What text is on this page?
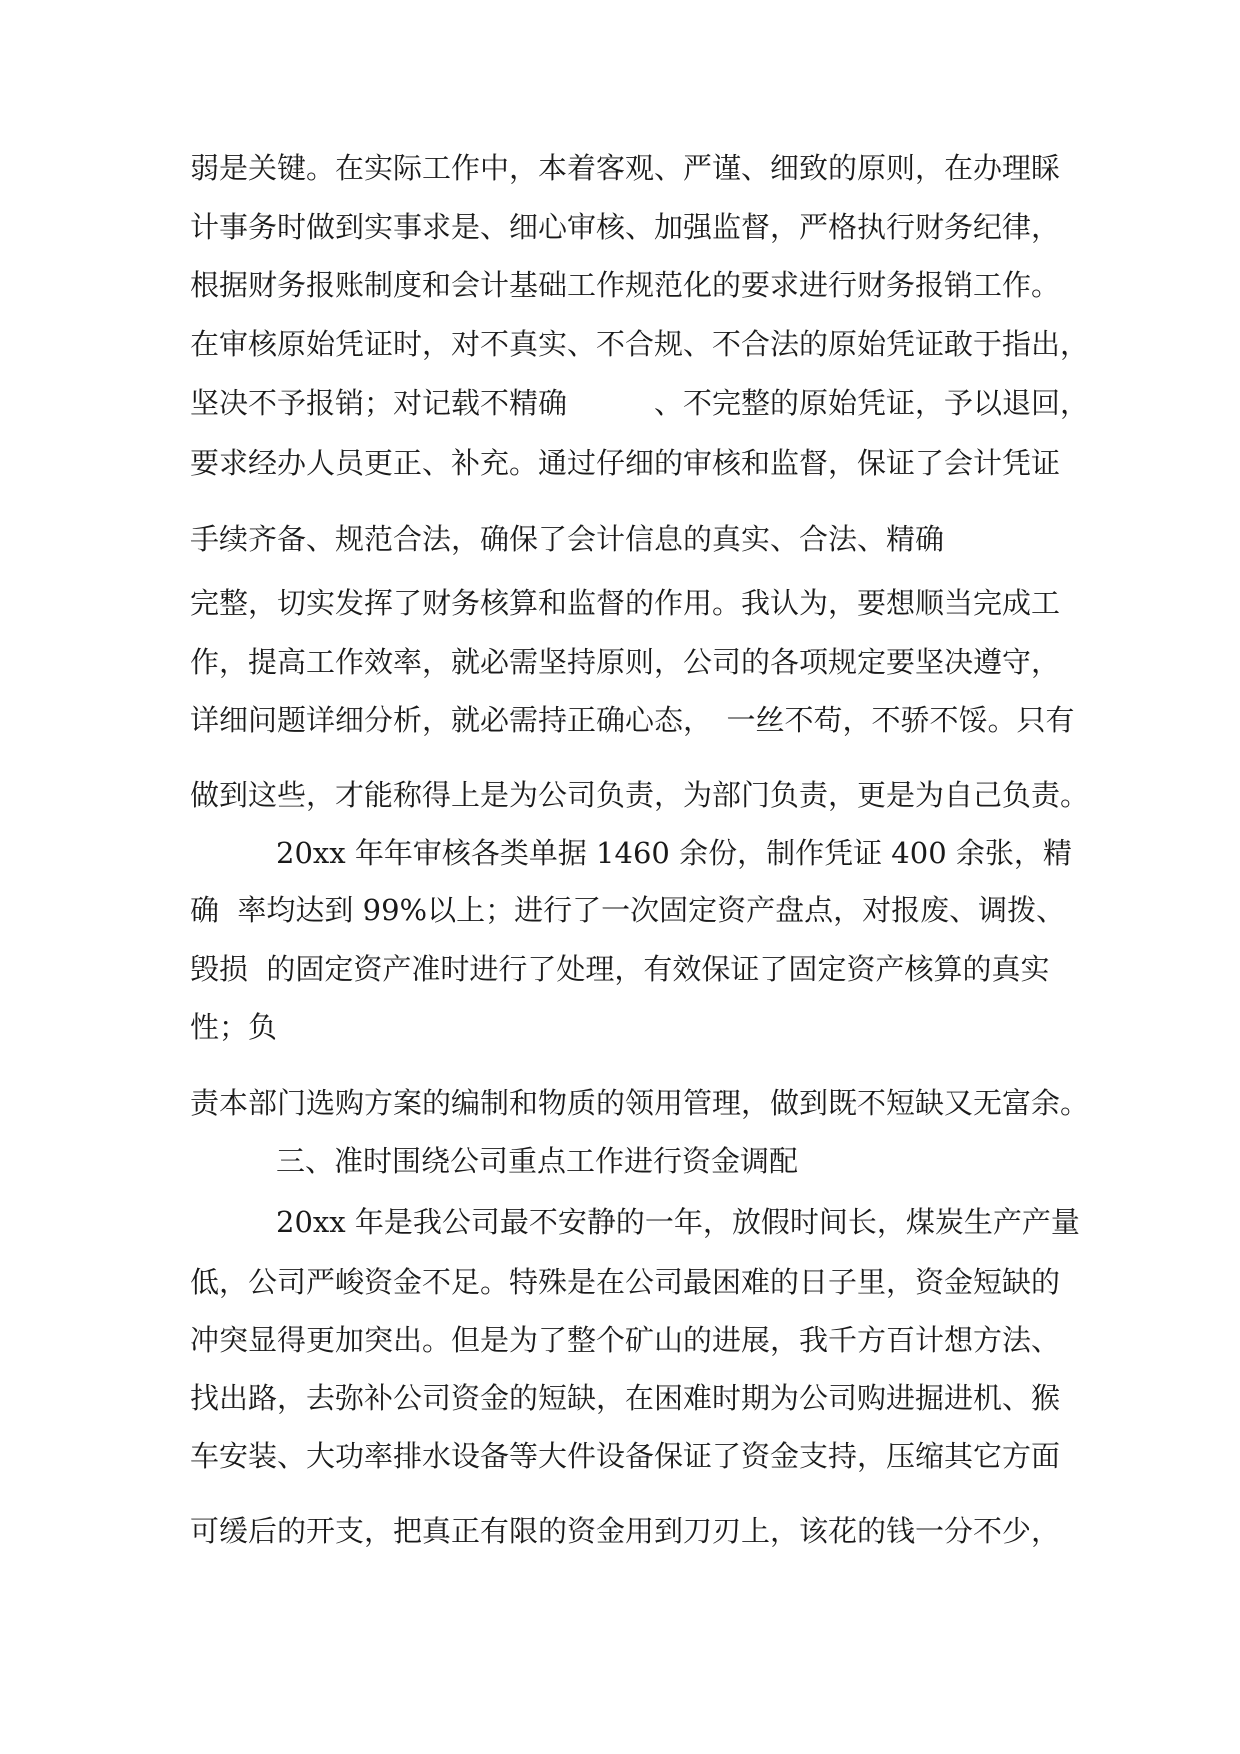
弱是关键。在实际工作中，本着客观、严谨、细致的原则，在办理睬
计事务时做到实事求是、细心审核、加强监督，严格执行财务纪律，
根据财务报账制度和会计基础工作规范化的要求进行财务报销工作。
在审核原始凭证时，对不真实、不合规、不合法的原始凭证敢于指出，
坚决不予报销；对记载不精确　　　、不完整的原始凭证，予以退回，
要求经办人员更正、补充。通过仔细的审核和监督，保证了会计凭证
手续齐备、规范合法，确保了会计信息的真实、合法、精确
完整，切实发挥了财务核算和监督的作用。我认为，要想顺当完成工
作，提高工作效率，就必需坚持原则，公司的各项规定要坚决遵守，
详细问题详细分析，就必需持正确心态，　一丝不苟，不骄不馁。只有
做到这些，才能称得上是为公司负责，为部门负责，更是为自己负责。
20xx 年年审核各类单据 1460 余份，制作凭证 400 余张，精
确  率均达到 99%以上；进行了一次固定资产盘点，对报废、调拨、
毁损  的固定资产准时进行了处理，有效保证了固定资产核算的真实
性；负
责本部门选购方案的编制和物质的领用管理，做到既不短缺又无富余。
三、准时围绕公司重点工作进行资金调配
20xx 年是我公司最不安静的一年，放假时间长，煤炭生产产量
低，公司严峻资金不足。特殊是在公司最困难的日子里，资金短缺的
冲突显得更加突出。但是为了整个矿山的进展，我千方百计想方法、
找出路，去弥补公司资金的短缺，在困难时期为公司购进掘进机、猴
车安装、大功率排水设备等大件设备保证了资金支持，压缩其它方面
可缓后的开支，把真正有限的资金用到刀刃上，该花的钱一分不少，
